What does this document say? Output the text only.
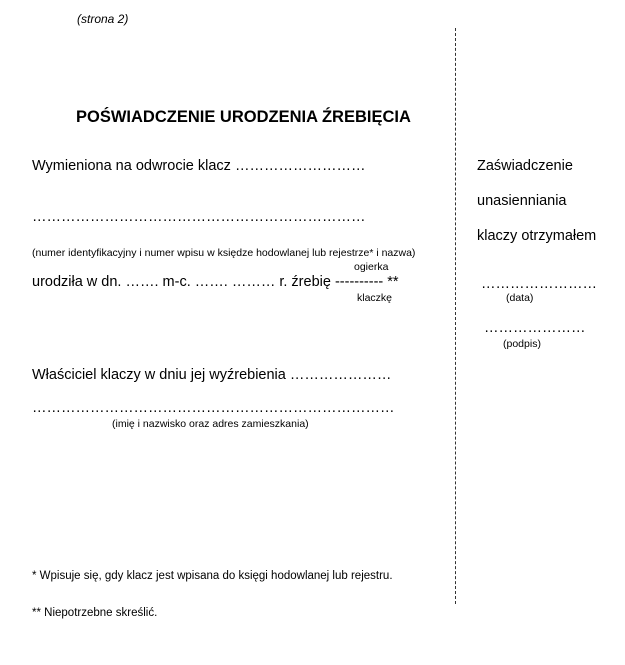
(strona 2)
POŚWIADCZENIE URODZENIA ŹREBIĘCIA
Wymieniona na odwrocie klacz ………………………
……………………………………………………………
(numer identyfikacyjny i numer wpisu w księdze hodowlanej lub rejestrze* i nazwa)
ogierka
urodziła w dn. ……. m-c. ……. ……… r. źrebię ---------- **
klaczkę
Właściciel klaczy w dniu jej wyźrebienia …………………
…………………………………………………………………
(imię i nazwisko oraz adres zamieszkania)
* Wpisuje się, gdy klacz jest wpisana do księgi hodowlanej lub rejestru.
** Niepotrzebne skreślić.
Zaświadczenie
unasienniania
klaczy otrzymałem
……………………
(data)
…………………
(podpis)
